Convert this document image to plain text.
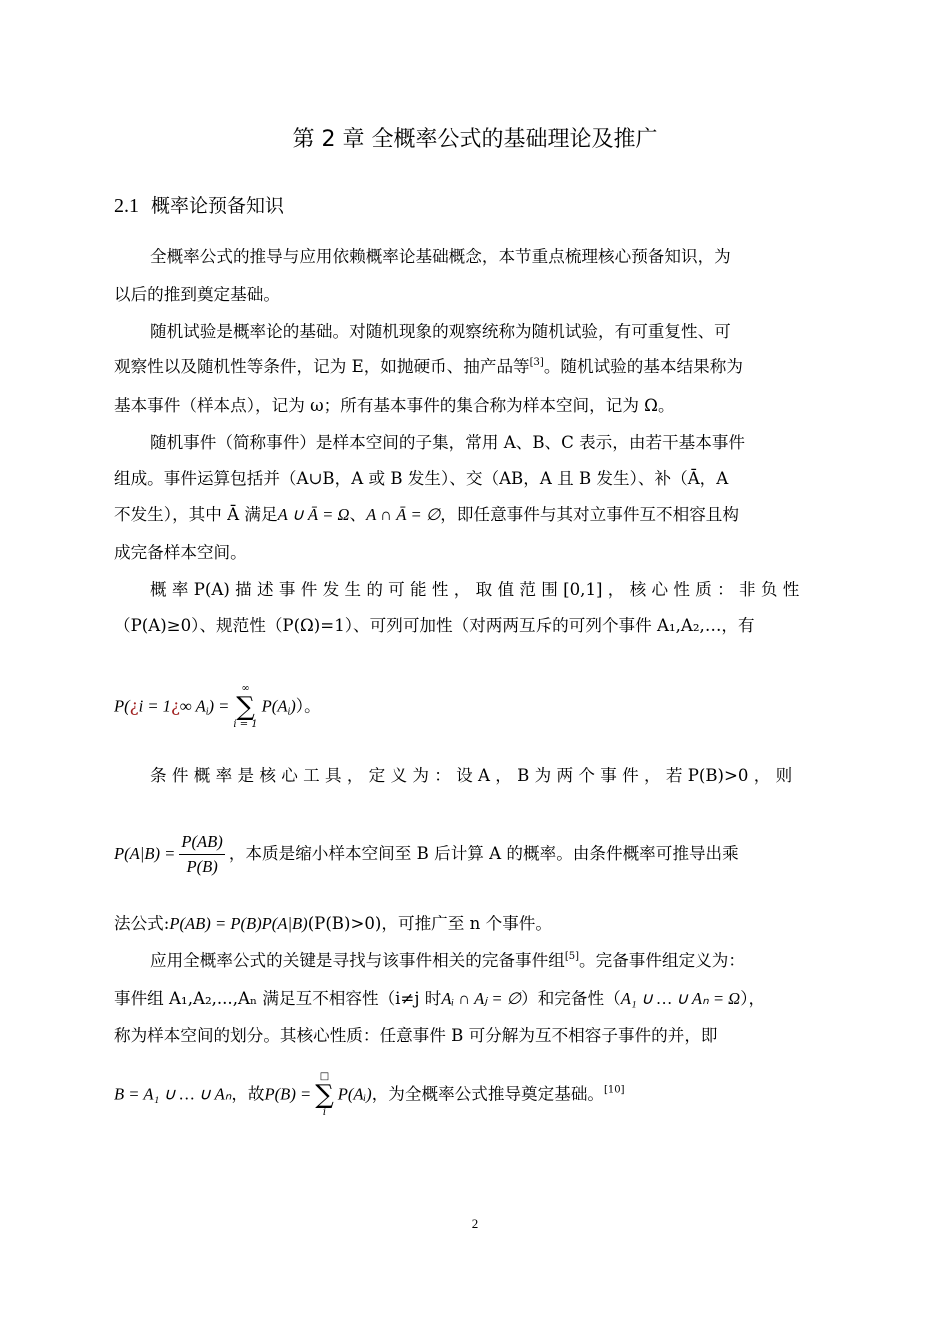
第 2 章 全概率公式的基础理论及推广
2.1 概率论预备知识
全概率公式的推导与应用依赖概率论基础概念，本节重点梳理核心预备知识，为
以后的推到奠定基础。
随机试验是概率论的基础。对随机现象的观察统称为随机试验，有可重复性、可
观察性以及随机性等条件，记为 E，如抛硬币、抽产品等[3]。随机试验的基本结果称为
基本事件（样本点），记为 ω；所有基本事件的集合称为样本空间，记为 Ω。
随机事件（简称事件）是样本空间的子集，常用 A、B、C 表示，由若干基本事件
组成。事件运算包括并（A∪B，A 或 B 发生）、交（AB，A 且 B 发生）、补（Ā，A
不发生），其中 Ā 满足A ∪ Ā = Ω、A ∩ Ā = ∅，即任意事件与其对立事件互不相容且构
成完备样本空间。
概 率 P(A) 描 述 事 件 发 生 的 可 能 性 ， 取 值 范 围 [0,1] ， 核 心 性 质 ： 非 负 性
（P(A)≥0）、规范性（P(Ω)=1）、可列可加性（对两两互斥的可列个事件 A₁,A₂,…，有
P(¿i = 1¿∞ $A_i$) =
∞
∑
i = 1
$P(A_i)$）。
条 件 概 率 是 核 心 工 具 ， 定 义 为 ： 设 A ， B 为 两 个 事 件 ， 若 P(B)>0 ， 则
$P(A|B) = \frac{P(AB)}{P(B)}$ ，本质是缩小样本空间至 B 后计算 A 的概率。由条件概率可推导出乘
法公式:P(AB) = P(B)P(A|B)(P(B)>0)，可推广至 n 个事件。
应用全概率公式的关键是寻找与该事件相关的完备事件组[5]。完备事件组定义为：
事件组 A₁,A₂,...,Aₙ 满足互不相容性（i≠j 时Aᵢ ∩ Aⱼ = ∅）和完备性（A₁ ∪ … ∪ Aₙ = Ω），
称为样本空间的划分。其核心性质：任意事件 B 可分解为互不相容子事件的并，即
B = A₁ ∪ … ∪ Aₙ，故P(B) =
□
∑
i
P(Aᵢ)，为全概率公式推导奠定基础。[10]
2
